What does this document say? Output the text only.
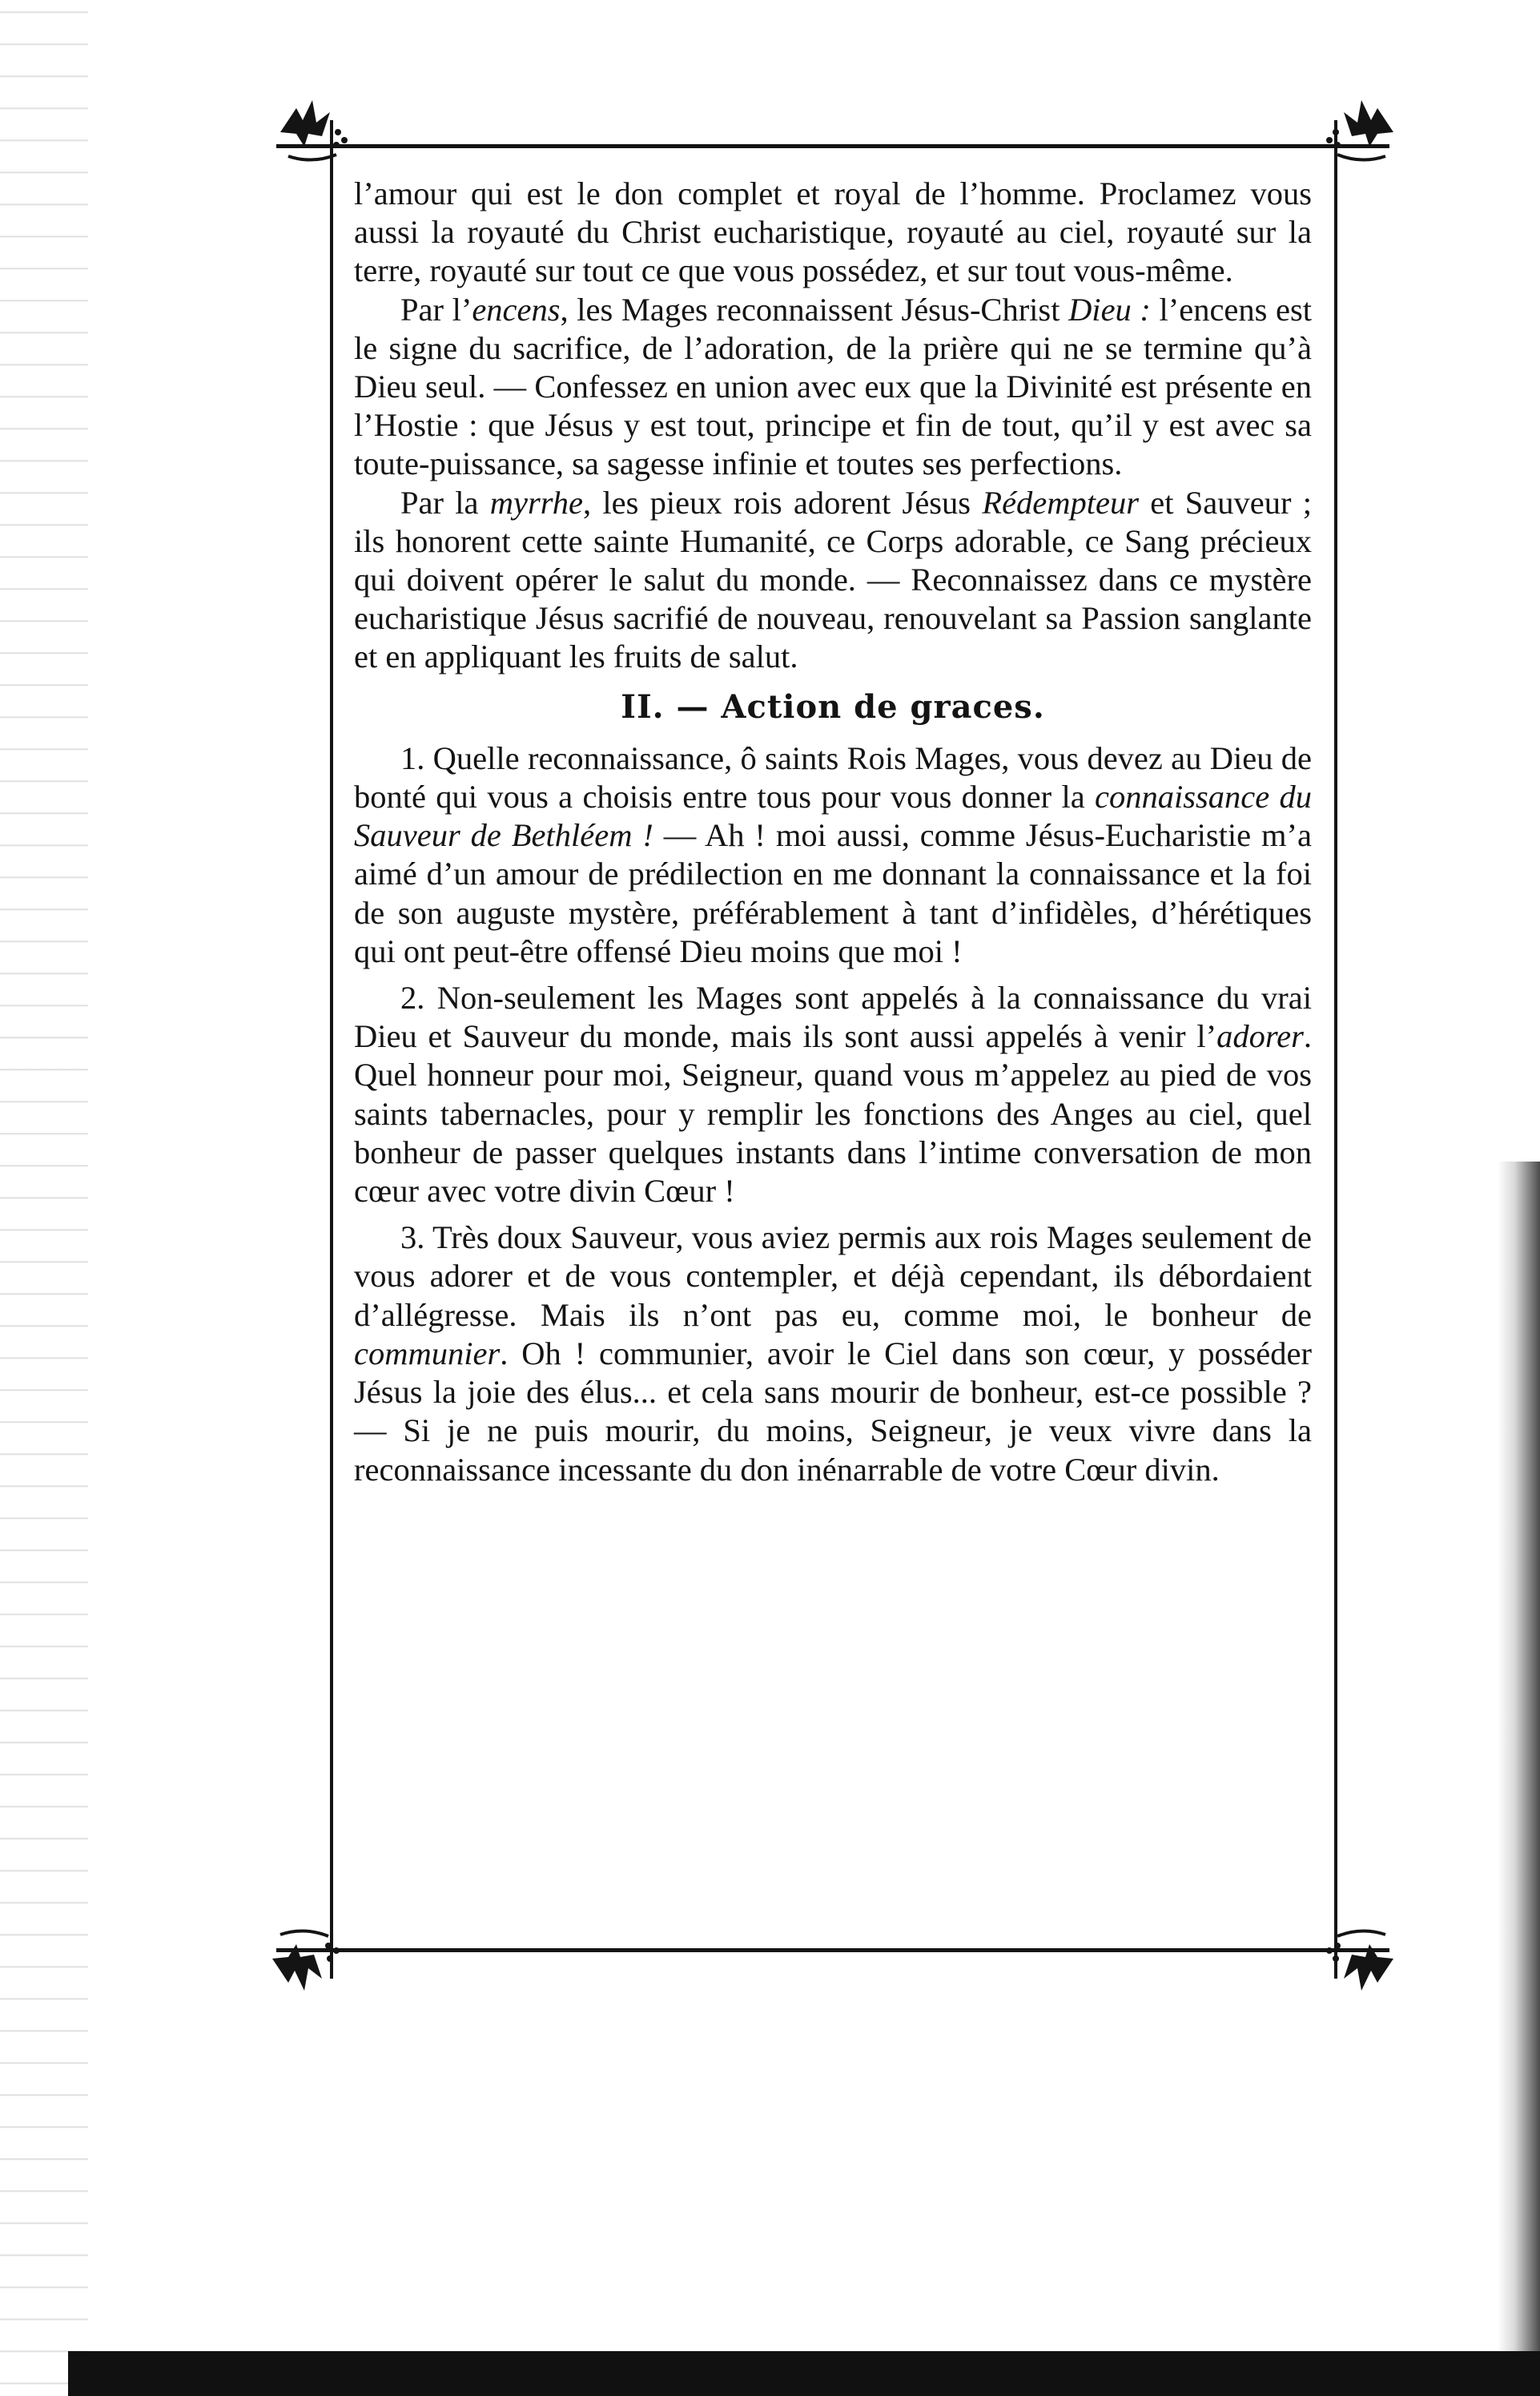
l’amour qui est le don complet et royal de l’homme. Proclamez vous aussi la royauté du Christ eucharistique, royauté au ciel, royauté sur la terre, royauté sur tout ce que vous possédez, et sur tout vous-même.

Par l’encens, les Mages reconnaissent Jésus-Christ Dieu : l’encens est le signe du sacrifice, de l’adoration, de la prière qui ne se termine qu’à Dieu seul. — Confessez en union avec eux que la Divinité est présente en l’Hostie : que Jésus y est tout, principe et fin de tout, qu’il y est avec sa toute-puissance, sa sagesse infinie et toutes ses perfections.

Par la myrrhe, les pieux rois adorent Jésus Rédempteur et Sauveur ; ils honorent cette sainte Humanité, ce Corps adorable, ce Sang précieux qui doivent opérer le salut du monde. — Reconnaissez dans ce mystère eucharistique Jésus sacrifié de nouveau, renouvelant sa Passion sanglante et en appliquant les fruits de salut.

II. — Action de graces.

1. Quelle reconnaissance, ô saints Rois Mages, vous devez au Dieu de bonté qui vous a choisis entre tous pour vous donner la connaissance du Sauveur de Bethléem ! — Ah ! moi aussi, comme Jésus-Eucharistie m’a aimé d’un amour de prédilection en me donnant la connaissance et la foi de son auguste mystère, préférablement à tant d’infidèles, d’hérétiques qui ont peut-être offensé Dieu moins que moi !

2. Non-seulement les Mages sont appelés à la connaissance du vrai Dieu et Sauveur du monde, mais ils sont aussi appelés à venir l’adorer. Quel honneur pour moi, Seigneur, quand vous m’appelez au pied de vos saints tabernacles, pour y remplir les fonctions des Anges au ciel, quel bonheur de passer quelques instants dans l’intime conversation de mon cœur avec votre divin Cœur !

3. Très doux Sauveur, vous aviez permis aux rois Mages seulement de vous adorer et de vous contempler, et déjà cependant, ils débordaient d’allégresse. Mais ils n’ont pas eu, comme moi, le bonheur de communier. Oh ! communier, avoir le Ciel dans son cœur, y posséder Jésus la joie des élus... et cela sans mourir de bonheur, est-ce possible ? — Si je ne puis mourir, du moins, Seigneur, je veux vivre dans la reconnaissance incessante du don inénarrable de votre Cœur divin.
